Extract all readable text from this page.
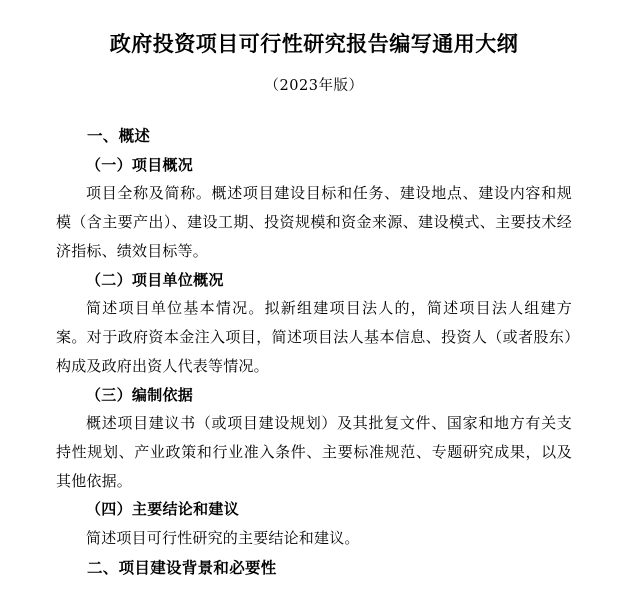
政府投资项目可行性研究报告编写通用大纲
（2023年版）

一、概述

（一）项目概况

项目全称及简称。概述项目建设目标和任务、建设地点、建设内容和规模（含主要产出）、建设工期、投资规模和资金来源、建设模式、主要技术经济指标、绩效目标等。

（二）项目单位概况

简述项目单位基本情况。拟新组建项目法人的，简述项目法人组建方案。对于政府资本金注入项目，简述项目法人基本信息、投资人（或者股东）构成及政府出资人代表等情况。

（三）编制依据

概述项目建议书（或项目建设规划）及其批复文件、国家和地方有关支持性规划、产业政策和行业准入条件、主要标准规范、专题研究成果，以及其他依据。

（四）主要结论和建议

简述项目可行性研究的主要结论和建议。

二、项目建设背景和必要性
